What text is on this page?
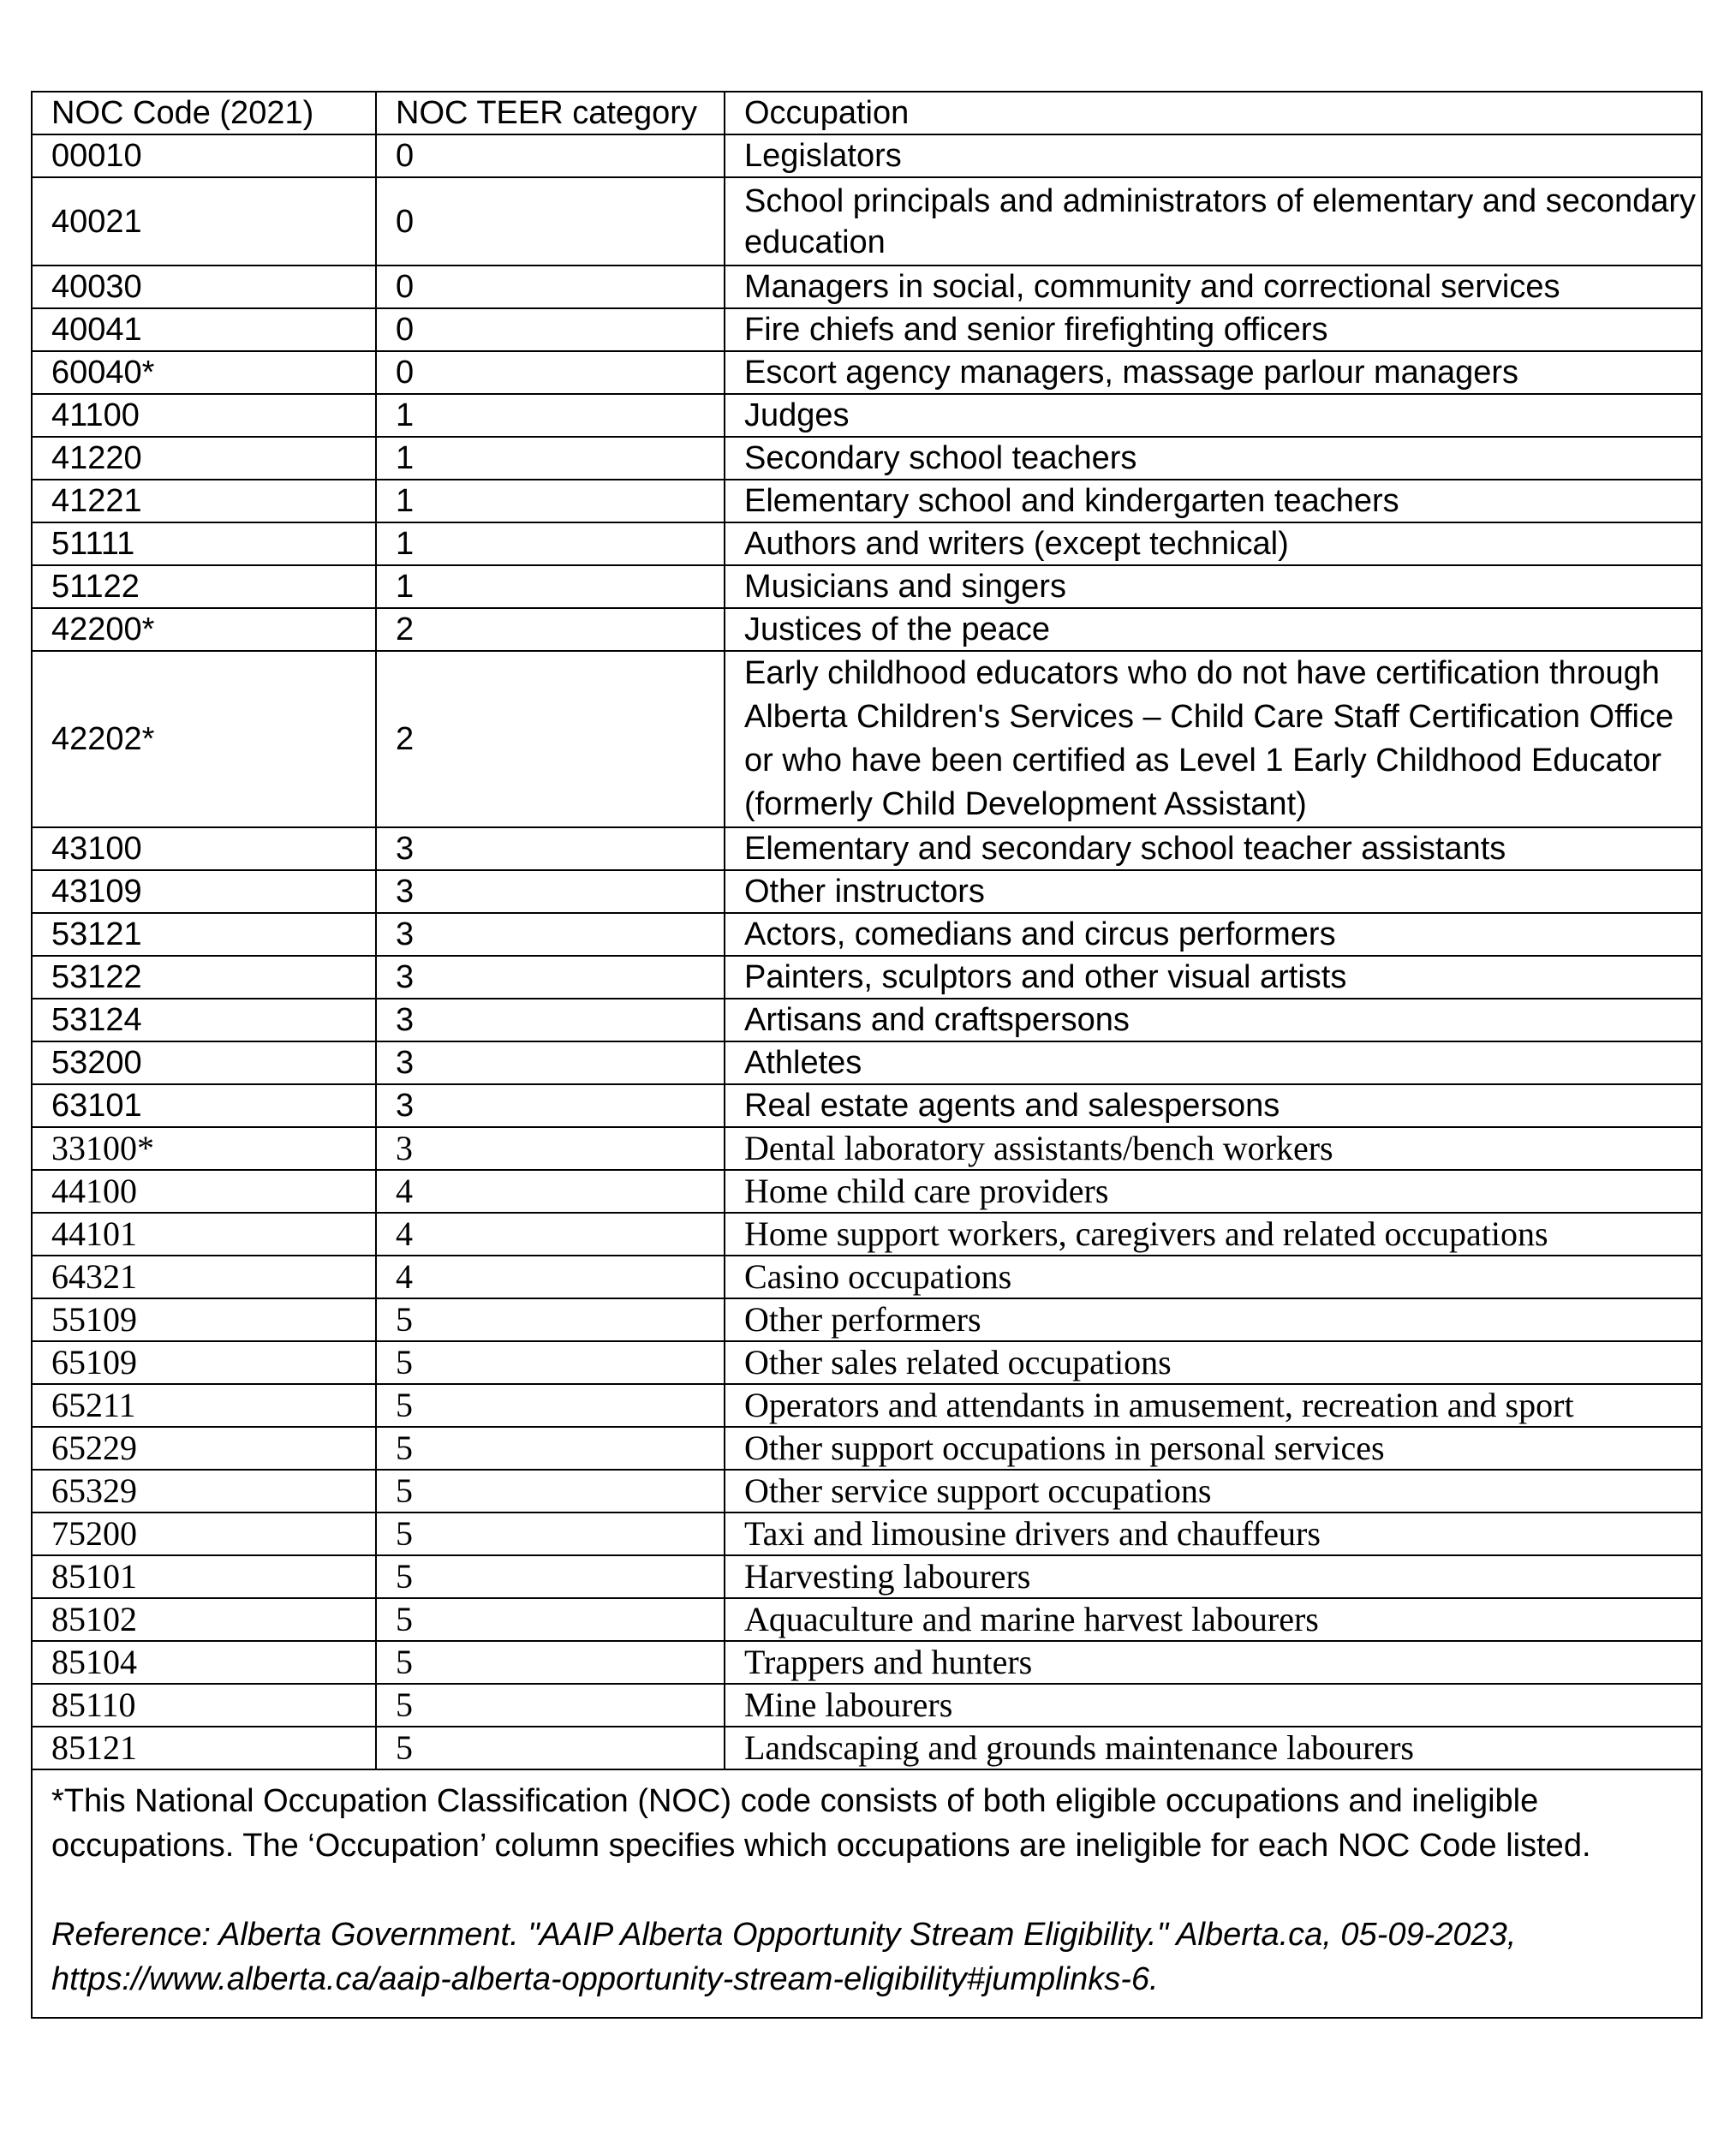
NOC Code (2021)	NOC TEER category	Occupation
00010	0	Legislators
40021	0	School principals and administrators of elementary and secondary education
40030	0	Managers in social, community and correctional services
40041	0	Fire chiefs and senior firefighting officers
60040*	0	Escort agency managers, massage parlour managers
41100	1	Judges
41220	1	Secondary school teachers
41221	1	Elementary school and kindergarten teachers
51111	1	Authors and writers (except technical)
51122	1	Musicians and singers
42200*	2	Justices of the peace
42202*	2	Early childhood educators who do not have certification through Alberta Children's Services – Child Care Staff Certification Office or who have been certified as Level 1 Early Childhood Educator (formerly Child Development Assistant)
43100	3	Elementary and secondary school teacher assistants
43109	3	Other instructors
53121	3	Actors, comedians and circus performers
53122	3	Painters, sculptors and other visual artists
53124	3	Artisans and craftspersons
53200	3	Athletes
63101	3	Real estate agents and salespersons
33100*	3	Dental laboratory assistants/bench workers
44100	4	Home child care providers
44101	4	Home support workers, caregivers and related occupations
64321	4	Casino occupations
55109	5	Other performers
65109	5	Other sales related occupations
65211	5	Operators and attendants in amusement, recreation and sport
65229	5	Other support occupations in personal services
65329	5	Other service support occupations
75200	5	Taxi and limousine drivers and chauffeurs
85101	5	Harvesting labourers
85102	5	Aquaculture and marine harvest labourers
85104	5	Trappers and hunters
85110	5	Mine labourers
85121	5	Landscaping and grounds maintenance labourers

*This National Occupation Classification (NOC) code consists of both eligible occupations and ineligible occupations. The ‘Occupation’ column specifies which occupations are ineligible for each NOC Code listed.
Reference: Alberta Government. "AAIP Alberta Opportunity Stream Eligibility." Alberta.ca, 05-09-2023, https://www.alberta.ca/aaip-alberta-opportunity-stream-eligibility#jumplinks-6.		
